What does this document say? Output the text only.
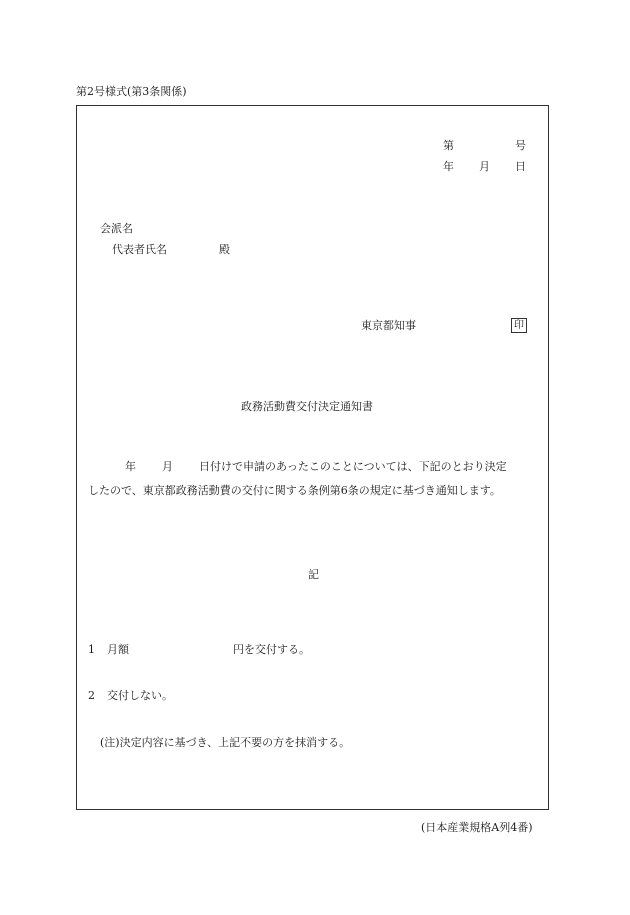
第2号様式(第3条関係)
第	号
年 月 日
会派名
代表者氏名	殿
東京都知事	印
政務活動費交付決定通知書
年 月 日付けで申請のあったこのことについては、下記のとおり決定
したので、東京都政務活動費の交付に関する条例第6条の規定に基づき通知します。
記
1 月額	円を交付する。
2 交付しない。
(注)決定内容に基づき、上記不要の方を抹消する。
(日本産業規格A列4番)
